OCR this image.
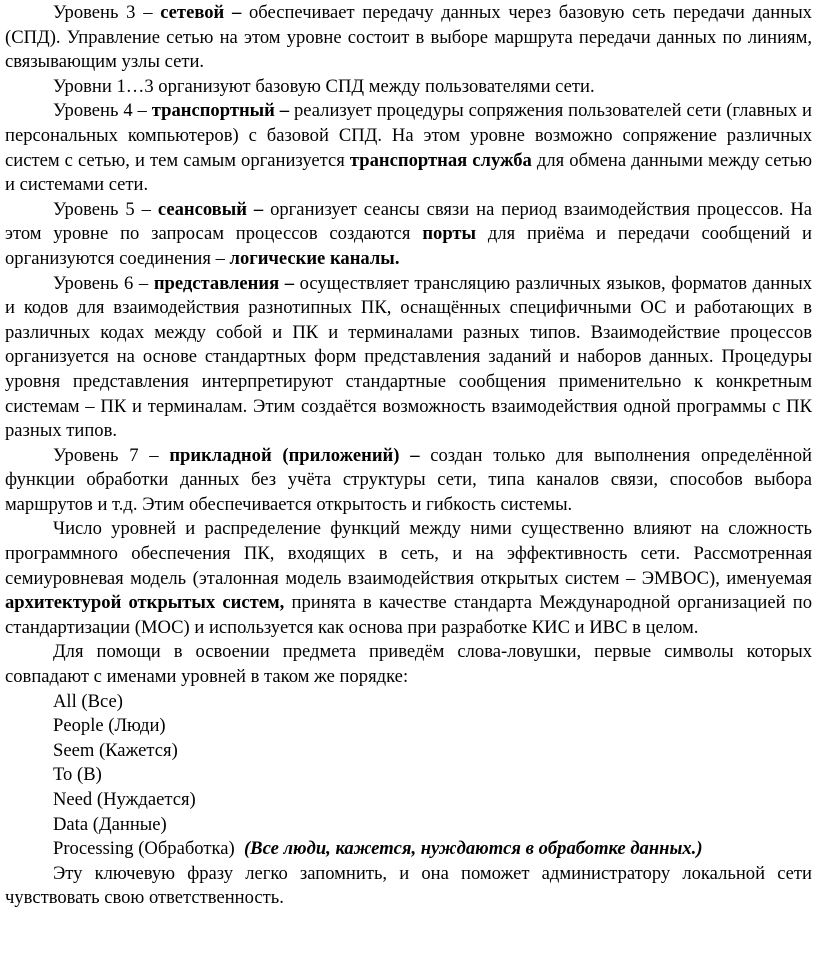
Уровень 3 – сетевой – обеспечивает передачу данных через базовую сеть передачи данных (СПД). Управление сетью на этом уровне состоит в выборе маршрута передачи данных по линиям, связывающим узлы сети.

Уровни 1…3 организуют базовую СПД между пользователями сети.

Уровень 4 – транспортный – реализует процедуры сопряжения пользователей сети (главных и персональных компьютеров) с базовой СПД. На этом уровне возможно сопряжение различных систем с сетью, и тем самым организуется транспортная служба для обмена данными между сетью и системами сети.

Уровень 5 – сеансовый – организует сеансы связи на период взаимодействия процессов. На этом уровне по запросам процессов создаются порты для приёма и передачи сообщений и организуются соединения – логические каналы.

Уровень 6 – представления – осуществляет трансляцию различных языков, форматов данных и кодов для взаимодействия разнотипных ПК, оснащённых специфичными ОС и работающих в различных кодах между собой и ПК и терминалами разных типов. Взаимодействие процессов организуется на основе стандартных форм представления заданий и наборов данных. Процедуры уровня представления интерпретируют стандартные сообщения применительно к конкретным системам – ПК и терминалам. Этим создаётся возможность взаимодействия одной программы с ПК разных типов.

Уровень 7 – прикладной (приложений) – создан только для выполнения определённой функции обработки данных без учёта структуры сети, типа каналов связи, способов выбора маршрутов и т.д. Этим обеспечивается открытость и гибкость системы.

Число уровней и распределение функций между ними существенно влияют на сложность программного обеспечения ПК, входящих в сеть, и на эффективность сети. Рассмотренная семиуровневая модель (эталонная модель взаимодействия открытых систем – ЭМВОС), именуемая архитектурой открытых систем, принята в качестве стандарта Международной организацией по стандартизации (МОС) и используется как основа при разработке КИС и ИВС в целом.

Для помощи в освоении предмета приведём слова-ловушки, первые символы которых совпадают с именами уровней в таком же порядке:

All (Все)
People (Люди)
Seem (Кажется)
To (В)
Need (Нуждается)
Data (Данные)
Processing (Обработка) (Все люди, кажется, нуждаются в обработке данных.)

Эту ключевую фразу легко запомнить, и она поможет администратору локальной сети чувствовать свою ответственность.
